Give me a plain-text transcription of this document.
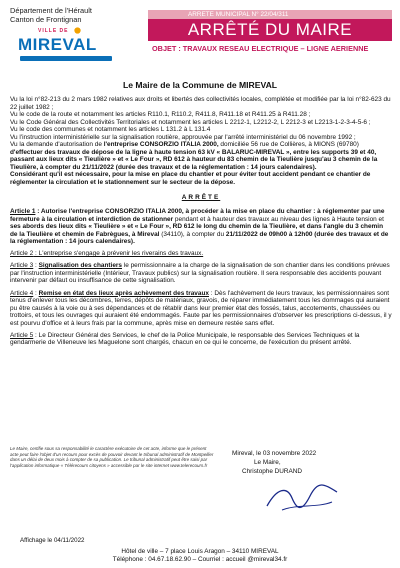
Département de l'Hérault
Canton de Frontignan
VILLE DE
MIREVAL
ARRETE MUNICIPAL N° 22/04/311
ARRÊTÉ DU MAIRE
OBJET : TRAVAUX RESEAU ELECTRIQUE – LIGNE AERIENNE
Le Maire de la Commune de MIREVAL

Vu la loi n°82-213 du 2 mars 1982 relatives aux droits et libertés des collectivités locales, complétée et modifiée par la loi n°82-623 du 22 juillet 1982 ;

Vu le code de la route et notamment les articles R110.1, R110.2, R411.8, R411.18 et R411.25 à R411.28 ;

Vu le Code Général des Collectivités Territoriales et notamment les articles L 2212-1, L2212-2, L 2212-3 et L2213-1-2-3-4-5-6 ;

Vu le code des communes et notamment les articles L 131.2 à L 131.4

Vu l'instruction interministérielle sur la signalisation routière, approuvée par l'arrêté interministériel du 06 novembre 1992 ;

Vu la demande d'autorisation de l'entreprise CONSORZIO ITALIA 2000, domiciliée 56 rue de Collières, à MIONS (69780) d'effectuer des travaux de dépose de la ligne à haute tension 63 kV « BALARUC-MIREVAL », entre les supports 39 et 40, passant aux lieux dits « Tieulière » et « Le Four », RD 612 à hauteur du 83 chemin de la Tieulière jusqu'au 3 chemin de la Tieulière, à compter du 21/11/2022 (durée des travaux et de la réglementation : 14 jours calendaires).

Considérant qu'il est nécessaire, pour la mise en place du chantier et pour éviter tout accident pendant ce chantier de réglementer la circulation et le stationnement sur le secteur de la dépose.

ARRÊTE

Article 1 : Autorise l'entreprise CONSORZIO ITALIA 2000, à procéder à la mise en place du chantier : à réglementer par une fermeture à la circulation et interdiction de stationner pendant et à hauteur des travaux au niveau des lignes à Haute tension et ses abords des lieux dits « Tieulière » et « Le Four », RD 612 le long du chemin de la Tieulière, et dans l'angle du 3 chemin de la Tieulière et chemin de Fabrègues, à Mireval (34110), à compter du 21/11/2022 de 09h00 à 12h00 (durée des travaux et de la réglementation : 14 jours calendaires).

Article 2 : L'entreprise s'engage à prévenir les riverains des travaux.

Article 3 : Signalisation des chantiers le permissionnaire a la charge de la signalisation de son chantier dans les conditions prévues par l'instruction interministérielle (Intérieur, Travaux publics) sur la signalisation routière. Il sera responsable des accidents pouvant intervenir par défaut ou insuffisance de cette signalisation.

Article 4 : Remise en état des lieux après achèvement des travaux : Dès l'achèvement de leurs travaux, les permissionnaires sont tenus d'enlever tous les décombres, terres, dépôts de matériaux, gravois, de réparer immédiatement tous les dommages qui auraient pu être causés à la voie ou à ses dépendances et de rétablir dans leur premier état des fossés, talus, accotements, chaussées ou trottoirs, et tous les ouvrages qui auraient été endommagés. Faute par les permissionnaires d'observer les prescriptions ci-dessus, il y est pourvu d'office et à leurs frais par la commune, après mise en demeure restée sans effet.

Article 5 : Le Directeur Général des Services, le chef de la Police Municipale, le responsable des Services Techniques et la gendarmerie de Villeneuve les Maguelone sont chargés, chacun en ce qui le concerne, de l'exécution du présent arrêté.

Le Maire, certifie sous sa responsabilité le caractère exécutoire de cet acte, informe que le présent acte peut faire l'objet d'un recours pour excès de pouvoir devant le tribunal administratif de Montpellier dans un délai de deux mois à compter de sa publication. Le tribunal administratif peut être saisi par l'application informatique « Télérecours citoyens » accessible par le site internet www.telerecours.fr
Mireval, le 03 novembre 2022
Le Maire,
Christophe DURAND
Affichage le 04/11/2022
Hôtel de ville – 7 place Louis Aragon – 34110 MIREVAL
Téléphone : 04.67.18.62.90 – Courriel : accueil @mireval34.fr
